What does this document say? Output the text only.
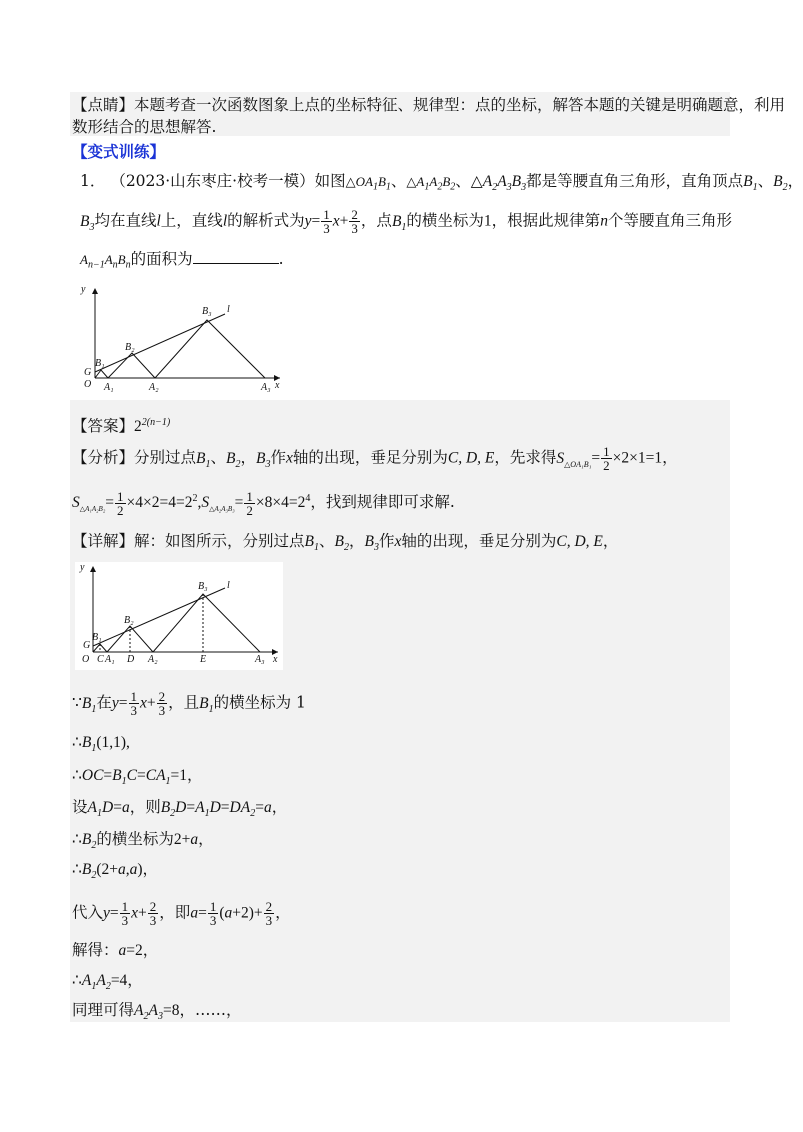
【点睛】本题考查一次函数图象上点的坐标特征、规律型：点的坐标，解答本题的关键是明确题意，利用
数形结合的思想解答.
【变式训练】
1． （2023·山东枣庄·校考一模）如图$\triangle OA_1B_1$、$\triangle A_1A_2B_2$、$\triangle A_2A_3B_3$都是等腰直角三角形，直角顶点$B_1$、$B_2$，
$B_3$均在直线l上，直线l的解析式为$y= \frac{1}{3} x+ \frac{2}{3}$ ，点$B_1$的横坐标为1，根据此规律第n个等腰直角三角形
$A_{n-1}A_nB_n$的面积为	.
y
x
l
O
G
B₁
B₂
B₃
A₁	A₂	A₃
【答案】$2^{2(n-1)}$
【分析】分别过点$B_1$、$B_2$，$B_3$作x轴的出现，垂足分别为C, D, E，先求得$S_{\triangle OA_1B_1}= \frac{1}{2} \times 2\times 1=1$，
$S_{\triangle A_1A_2B_2}= \frac{1}{2} \times 4\times 2=4=2^2,S_{\triangle A_2A_3B_3}= \frac{1}{2} \times 8\times 4=2^4$，找到规律即可求解.
【详解】解：如图所示，分别过点$B_1$、$B_2$，$B_3$作x轴的出现，垂足分别为C, D, E，
y
x
l
O
G
B₁
B₂
B₃
C A₁ D A₂	E	A₃
$\because B_1$在$y= \frac{1}{3} x+ \frac{2}{3}$ ，且$B_1$的横坐标为 1
$\therefore B_1(1,1)$,
$\therefore OC=B_1C=CA_1=1$，
设$A_1D=a$，则$B_2D=A_1D=DA_2=a$，
$\therefore B_2$的横坐标为2+a，
$\therefore B_2(2+a,a)$，
代入$y= \frac{1}{3} x+ \frac{2}{3}$ ，即$a= \frac{1}{3} (a+2)+ \frac{2}{3}$ ，
解得：a=2，
$\therefore A_1A_2=4$，
同理可得$A_2A_3=8$，……，
